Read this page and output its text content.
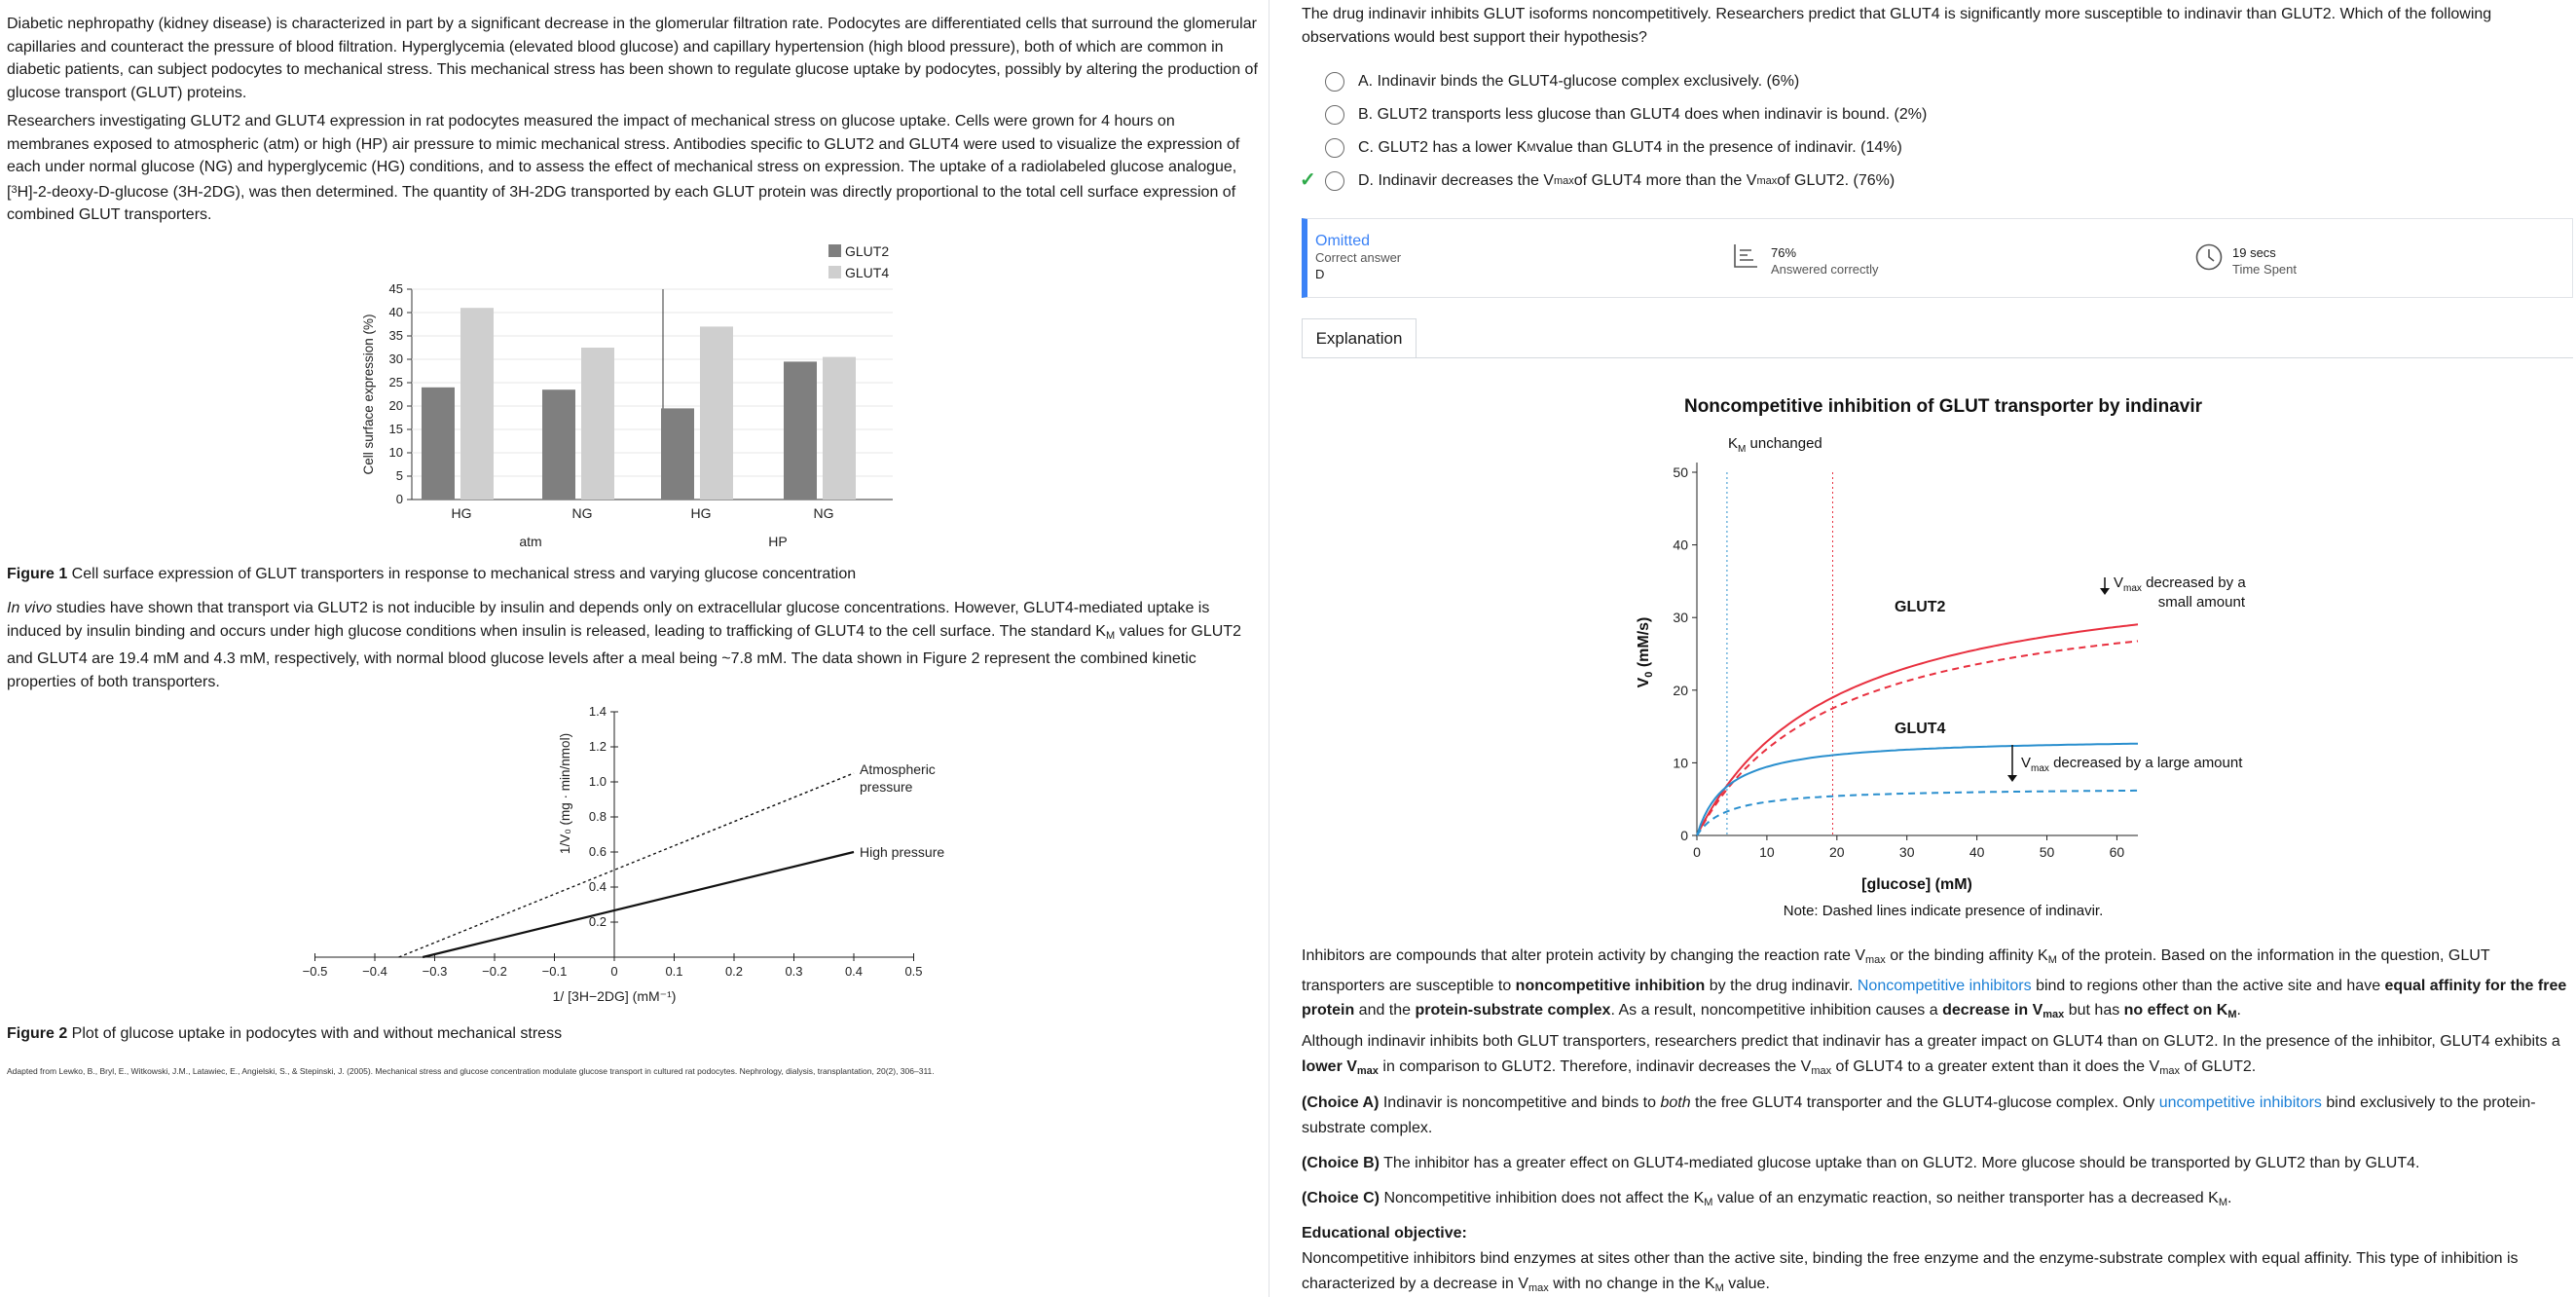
Diabetic nephropathy (kidney disease) is characterized in part by a significant decrease in the glomerular filtration rate. Podocytes are differentiated cells that surround the glomerular capillaries and counteract the pressure of blood filtration. Hyperglycemia (elevated blood glucose) and capillary hypertension (high blood pressure), both of which are common in diabetic patients, can subject podocytes to mechanical stress. This mechanical stress has been shown to regulate glucose uptake by podocytes, possibly by altering the production of glucose transport (GLUT) proteins.
Researchers investigating GLUT2 and GLUT4 expression in rat podocytes measured the impact of mechanical stress on glucose uptake. Cells were grown for 4 hours on membranes exposed to atmospheric (atm) or high (HP) air pressure to mimic mechanical stress. Antibodies specific to GLUT2 and GLUT4 were used to visualize the expression of each under normal glucose (NG) and hyperglycemic (HG) conditions, and to assess the effect of mechanical stress on expression. The uptake of a radiolabeled glucose analogue, [$^3$H]-2-deoxy-D-glucose (3H-2DG), was then determined. The quantity of 3H-2DG transported by each GLUT protein was directly proportional to the total cell surface expression of combined GLUT transporters.
0
5
10
15
20
25
30
35
40
45
Cell surface expression (%)
HG	NG	HG	NG
atm	HP
GLUT2
GLUT4
Figure 1 Cell surface expression of GLUT transporters in response to mechanical stress and varying glucose concentration
In vivo studies have shown that transport via GLUT2 is not inducible by insulin and depends only on extracellular glucose concentrations. However, GLUT4-mediated uptake is induced by insulin binding and occurs under high glucose conditions when insulin is released, leading to trafficking of GLUT4 to the cell surface. The standard $K_M$ values for GLUT2 and GLUT4 are 19.4 mM and 4.3 mM, respectively, with normal blood glucose levels after a meal being ~7.8 mM. The data shown in Figure 2 represent the combined kinetic properties of both transporters.
−0.5	−0.4	−0.3	−0.2	−0.1	0	0.1	0.2	0.3	0.4	0.5
0.2
0.4
0.6
0.8
1.0
1.2
1.4
1/ [3H−2DG] (mM⁻¹)
1/V₀ (mg · min/nmol)	Atmospheric
pressure
High pressure
Figure 2 Plot of glucose uptake in podocytes with and without mechanical stress
Adapted from Lewko, B., Bryl, E., Witkowski, J.M., Latawiec, E., Angielski, S., & Stepinski, J. (2005). Mechanical stress and glucose concentration modulate glucose transport in cultured rat podocytes. Nephrology, dialysis, transplantation, 20(2), 306–311.
The drug indinavir inhibits GLUT isoforms noncompetitively. Researchers predict that GLUT4 is significantly more susceptible to indinavir than GLUT2. Which of the following observations would best support their hypothesis?
A.
Indinavir binds the GLUT4-glucose complex exclusively.
(6%)
B.
GLUT2 transports less glucose than GLUT4 does when indinavir is bound.
(2%)
C.
GLUT2 has a lower K M value than GLUT4 in the presence of indinavir.
(14%)
✓	D.
Indinavir decreases the V max of GLUT4 more than the V max of GLUT2.
(76%)
Omitted
Correct answer
D
76%
Answered correctly
19 secs
Time Spent
Explanation
Noncompetitive inhibition of GLUT transporter by indinavir
0
10
20
30
40
50
0	10	20	30	40	50	60
$K_M$ unchanged
GLUT2
GLUT4
$V_{max}$ decreased by a
small amount
$V_{max}$ decreased by a large amount
[glucose] (mM)
$V_0$ (mM/s)
Note: Dashed lines indicate presence of indinavir.
Inhibitors are compounds that alter protein activity by changing the reaction rate $V_{max}$ or the binding affinity $K_M$ of the protein. Based on the information in the question, GLUT transporters are susceptible to noncompetitive inhibition by the drug indinavir. Noncompetitive inhibitors bind to regions other than the active site and have equal affinity for the free protein and the protein-substrate complex. As a result, noncompetitive inhibition causes a decrease in $V_{max}$ but has no effect on $K_M$.
Although indinavir inhibits both GLUT transporters, researchers predict that indinavir has a greater impact on GLUT4 than on GLUT2. In the presence of the inhibitor, GLUT4 exhibits a lower $V_{max}$ in comparison to GLUT2. Therefore, indinavir decreases the $V_{max}$ of GLUT4 to a greater extent than it does the $V_{max}$ of GLUT2.
(Choice A) Indinavir is noncompetitive and binds to both the free GLUT4 transporter and the GLUT4-glucose complex. Only uncompetitive inhibitors bind exclusively to the protein-substrate complex.
(Choice B) The inhibitor has a greater effect on GLUT4-mediated glucose uptake than on GLUT2. More glucose should be transported by GLUT2 than by GLUT4.
(Choice C) Noncompetitive inhibition does not affect the $K_M$ value of an enzymatic reaction, so neither transporter has a decreased $K_M$.
Educational objective:
Noncompetitive inhibitors bind enzymes at sites other than the active site, binding the free enzyme and the enzyme-substrate complex with equal affinity. This type of inhibition is characterized by a decrease in $V_{max}$ with no change in the $K_M$ value.
